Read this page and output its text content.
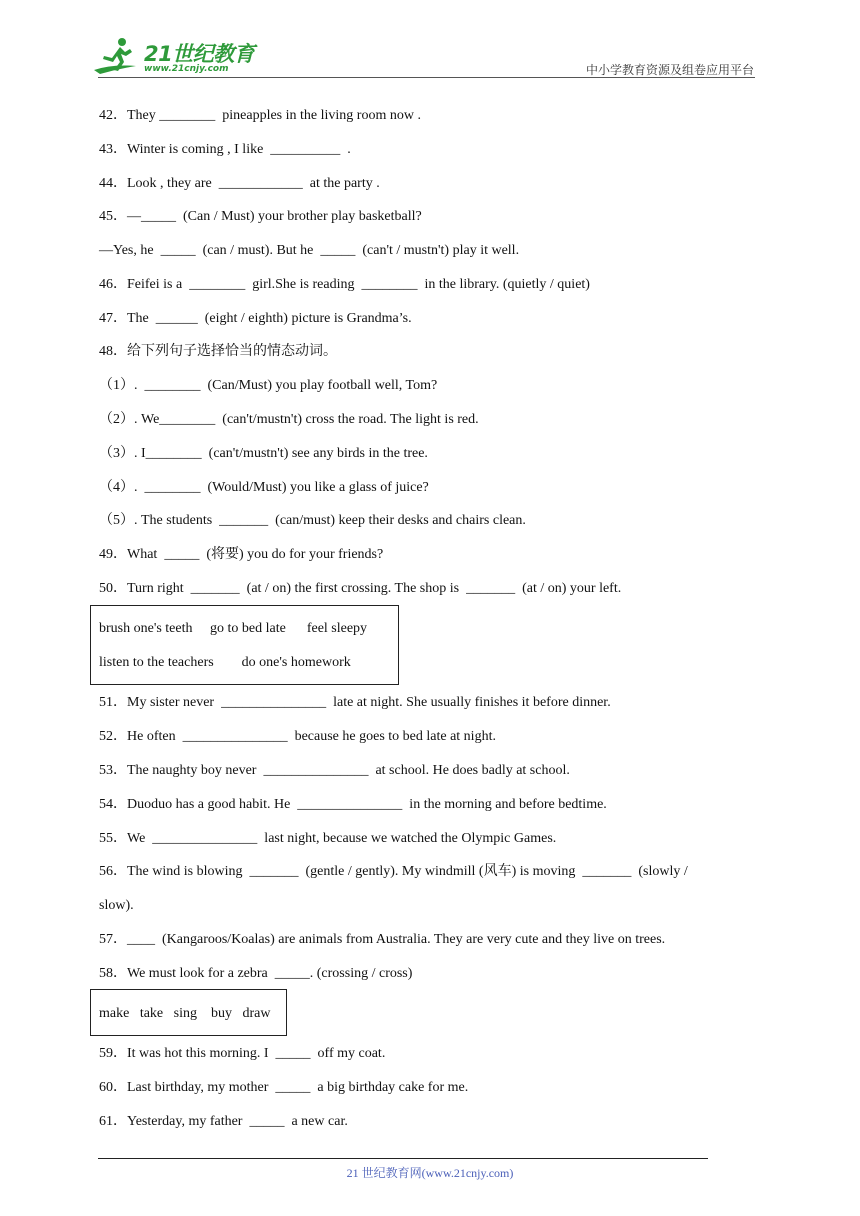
21世纪教育
www.21cnjy.com	中小学教育资源及组卷应用平台
42．They ________  pineapples in the living room now .
43．Winter is coming , I like  __________  .
44．Look , they are  ____________  at the party .
45．—_____  (Can / Must) your brother play basketball?
—Yes, he  _____  (can / must). But he  _____  (can't / mustn't) play it well.
46．Feifei is a  ________  girl.She is reading  ________  in the library. (quietly / quiet)
47．The  ______  (eight / eighth) picture is Grandma’s.
48．给下列句子选择恰当的情态动词。
（1）.  ________  (Can/Must) you play football well, Tom?
（2）. We________  (can't/mustn't) cross the road. The light is red.
（3）. I________  (can't/mustn't) see any birds in the tree.
（4）.  ________  (Would/Must) you like a glass of juice?
（5）. The students  _______  (can/must) keep their desks and chairs clean.
49．What  _____  (将要) you do for your friends?
50．Turn right  _______  (at / on) the first crossing. The shop is  _______  (at / on) your left.
brush one's teeth     go to bed late      feel sleepy
listen to the teachers        do one's homework
51．My sister never  _______________  late at night. She usually finishes it before dinner.
52．He often  _______________  because he goes to bed late at night.
53．The naughty boy never  _______________  at school. He does badly at school.
54．Duoduo has a good habit. He  _______________  in the morning and before bedtime.
55．We  _______________  last night, because we watched the Olympic Games.
56．The wind is blowing  _______  (gentle / gently). My windmill (风车) is moving  _______  (slowly /
slow).
57．____  (Kangaroos/Koalas) are animals from Australia. They are very cute and they live on trees.
58．We must look for a zebra  _____. (crossing / cross)
make   take   sing    buy   draw
59．It was hot this morning. I  _____  off my coat.
60．Last birthday, my mother  _____  a big birthday cake for me.
61．Yesterday, my father  _____  a new car.
21 世纪教育网(www.21cnjy.com)
